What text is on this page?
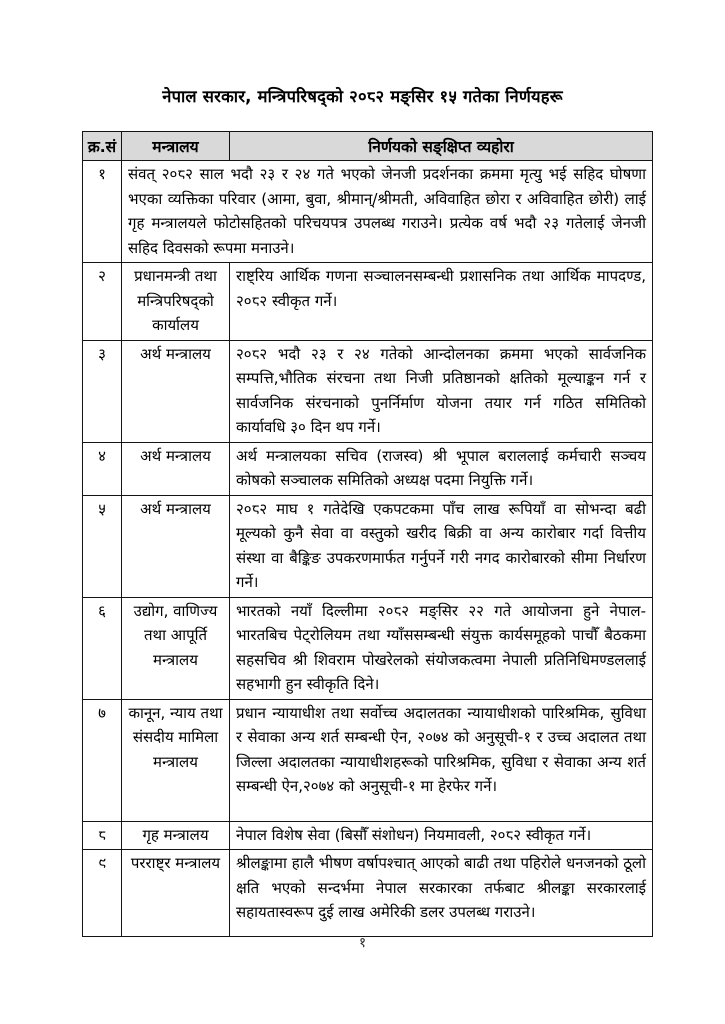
नेपाल सरकार, मन्त्रिपरिषद्को २०८२ मङ्सिर १५ गतेका निर्णयहरू
क्र.सं	मन्त्रालय	निर्णयको सङ्क्षिप्त व्यहोरा
१	संवत् २०८२ साल भदौ २३ र २४ गते भएको जेनजी प्रदर्शनका क्रममा मृत्यु भई सहिद घोषणा भएका व्यक्तिका परिवार (आमा, बुवा, श्रीमान्/श्रीमती, अविवाहित छोरा र अविवाहित छोरी) लाई गृह मन्त्रालयले फोटोसहितको परिचयपत्र उपलब्ध गराउने। प्रत्येक वर्ष भदौ २३ गतेलाई जेनजी सहिद दिवसको रूपमा मनाउने।	
२	प्रधानमन्त्री तथा मन्त्रिपरिषद्को कार्यालय	राष्ट्रिय आर्थिक गणना सञ्चालनसम्बन्धी प्रशासनिक तथा आर्थिक मापदण्ड, २०८२ स्वीकृत गर्ने।
३	अर्थ मन्त्रालय	२०८२ भदौ २३ र २४ गतेको आन्दोलनका क्रममा भएको सार्वजनिक सम्पत्ति,भौतिक संरचना तथा निजी प्रतिष्ठानको क्षतिको मूल्याङ्कन गर्न र सार्वजनिक संरचनाको पुनर्निर्माण योजना तयार गर्न गठित समितिको कार्यावधि ३० दिन थप गर्ने।
४	अर्थ मन्त्रालय	अर्थ मन्त्रालयका सचिव (राजस्व) श्री भूपाल बराललाई कर्मचारी सञ्चय कोषको सञ्चालक समितिको अध्यक्ष पदमा नियुक्ति गर्ने।
५	अर्थ मन्त्रालय	२०८२ माघ १ गतेदेखि एकपटकमा पाँच लाख रूपियाँ वा सोभन्दा बढी मूल्यको कुनै सेवा वा वस्तुको खरीद बिक्री वा अन्य कारोबार गर्दा वित्तीय संस्था वा बैङ्किङ उपकरणमार्फत गर्नुपर्ने गरी नगद कारोबारको सीमा निर्धारण गर्ने।
६	उद्योग, वाणिज्य तथा आपूर्ति मन्त्रालय	भारतको नयाँ दिल्लीमा २०८२ मङ्सिर २२ गते आयोजना हुने नेपाल-भारतबिच पेट्रोलियम तथा ग्याँससम्बन्धी संयुक्त कार्यसमूहको पाचौँ बैठकमा सहसचिव श्री शिवराम पोखरेलको संयोजकत्वमा नेपाली प्रतिनिधिमण्डललाई सहभागी हुन स्वीकृति दिने।
७	कानून, न्याय तथा संसदीय मामिला मन्त्रालय	प्रधान न्यायाधीश तथा सर्वोच्च अदालतका न्यायाधीशको पारिश्रमिक, सुविधा र सेवाका अन्य शर्त सम्बन्धी ऐन, २०७४ को अनुसूची-१ र उच्च अदालत तथा जिल्ला अदालतका न्यायाधीशहरूको पारिश्रमिक, सुविधा र सेवाका अन्य शर्त सम्बन्धी ऐन,२०७४ को अनुसूची-१ मा हेरफेर गर्ने।
८	गृह मन्त्रालय	नेपाल विशेष सेवा (बिसौँ संशोधन) नियमावली, २०८२ स्वीकृत गर्ने।
९	परराष्ट्र मन्त्रालय	श्रीलङ्कामा हालै भीषण वर्षापश्चात् आएको बाढी तथा पहिरोले धनजनको ठूलो क्षति भएको सन्दर्भमा नेपाल सरकारका तर्फबाट श्रीलङ्का सरकारलाई सहायतास्वरूप दुई लाख अमेरिकी डलर उपलब्ध गराउने।
१
